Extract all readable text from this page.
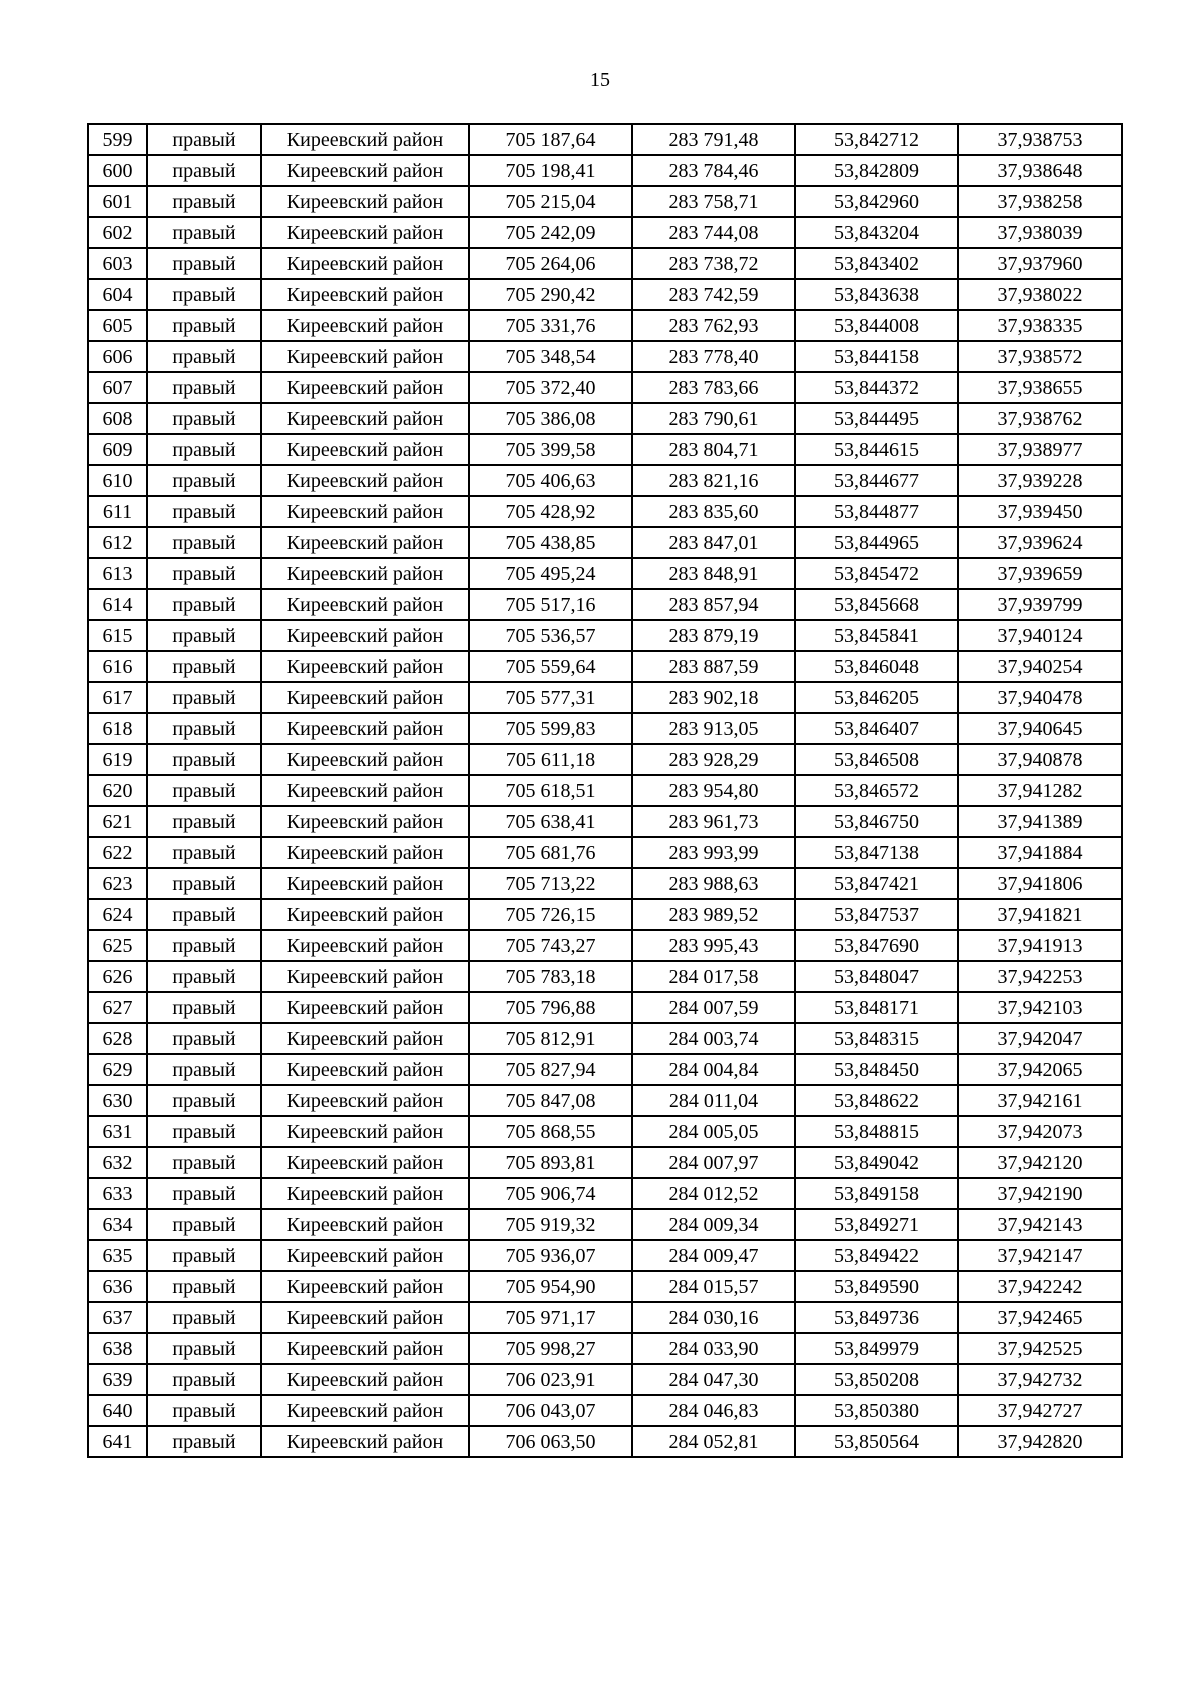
15
599	правый	Киреевский район	705 187,64	283 791,48	53,842712	37,938753
600	правый	Киреевский район	705 198,41	283 784,46	53,842809	37,938648
601	правый	Киреевский район	705 215,04	283 758,71	53,842960	37,938258
602	правый	Киреевский район	705 242,09	283 744,08	53,843204	37,938039
603	правый	Киреевский район	705 264,06	283 738,72	53,843402	37,937960
604	правый	Киреевский район	705 290,42	283 742,59	53,843638	37,938022
605	правый	Киреевский район	705 331,76	283 762,93	53,844008	37,938335
606	правый	Киреевский район	705 348,54	283 778,40	53,844158	37,938572
607	правый	Киреевский район	705 372,40	283 783,66	53,844372	37,938655
608	правый	Киреевский район	705 386,08	283 790,61	53,844495	37,938762
609	правый	Киреевский район	705 399,58	283 804,71	53,844615	37,938977
610	правый	Киреевский район	705 406,63	283 821,16	53,844677	37,939228
611	правый	Киреевский район	705 428,92	283 835,60	53,844877	37,939450
612	правый	Киреевский район	705 438,85	283 847,01	53,844965	37,939624
613	правый	Киреевский район	705 495,24	283 848,91	53,845472	37,939659
614	правый	Киреевский район	705 517,16	283 857,94	53,845668	37,939799
615	правый	Киреевский район	705 536,57	283 879,19	53,845841	37,940124
616	правый	Киреевский район	705 559,64	283 887,59	53,846048	37,940254
617	правый	Киреевский район	705 577,31	283 902,18	53,846205	37,940478
618	правый	Киреевский район	705 599,83	283 913,05	53,846407	37,940645
619	правый	Киреевский район	705 611,18	283 928,29	53,846508	37,940878
620	правый	Киреевский район	705 618,51	283 954,80	53,846572	37,941282
621	правый	Киреевский район	705 638,41	283 961,73	53,846750	37,941389
622	правый	Киреевский район	705 681,76	283 993,99	53,847138	37,941884
623	правый	Киреевский район	705 713,22	283 988,63	53,847421	37,941806
624	правый	Киреевский район	705 726,15	283 989,52	53,847537	37,941821
625	правый	Киреевский район	705 743,27	283 995,43	53,847690	37,941913
626	правый	Киреевский район	705 783,18	284 017,58	53,848047	37,942253
627	правый	Киреевский район	705 796,88	284 007,59	53,848171	37,942103
628	правый	Киреевский район	705 812,91	284 003,74	53,848315	37,942047
629	правый	Киреевский район	705 827,94	284 004,84	53,848450	37,942065
630	правый	Киреевский район	705 847,08	284 011,04	53,848622	37,942161
631	правый	Киреевский район	705 868,55	284 005,05	53,848815	37,942073
632	правый	Киреевский район	705 893,81	284 007,97	53,849042	37,942120
633	правый	Киреевский район	705 906,74	284 012,52	53,849158	37,942190
634	правый	Киреевский район	705 919,32	284 009,34	53,849271	37,942143
635	правый	Киреевский район	705 936,07	284 009,47	53,849422	37,942147
636	правый	Киреевский район	705 954,90	284 015,57	53,849590	37,942242
637	правый	Киреевский район	705 971,17	284 030,16	53,849736	37,942465
638	правый	Киреевский район	705 998,27	284 033,90	53,849979	37,942525
639	правый	Киреевский район	706 023,91	284 047,30	53,850208	37,942732
640	правый	Киреевский район	706 043,07	284 046,83	53,850380	37,942727
641	правый	Киреевский район	706 063,50	284 052,81	53,850564	37,942820
